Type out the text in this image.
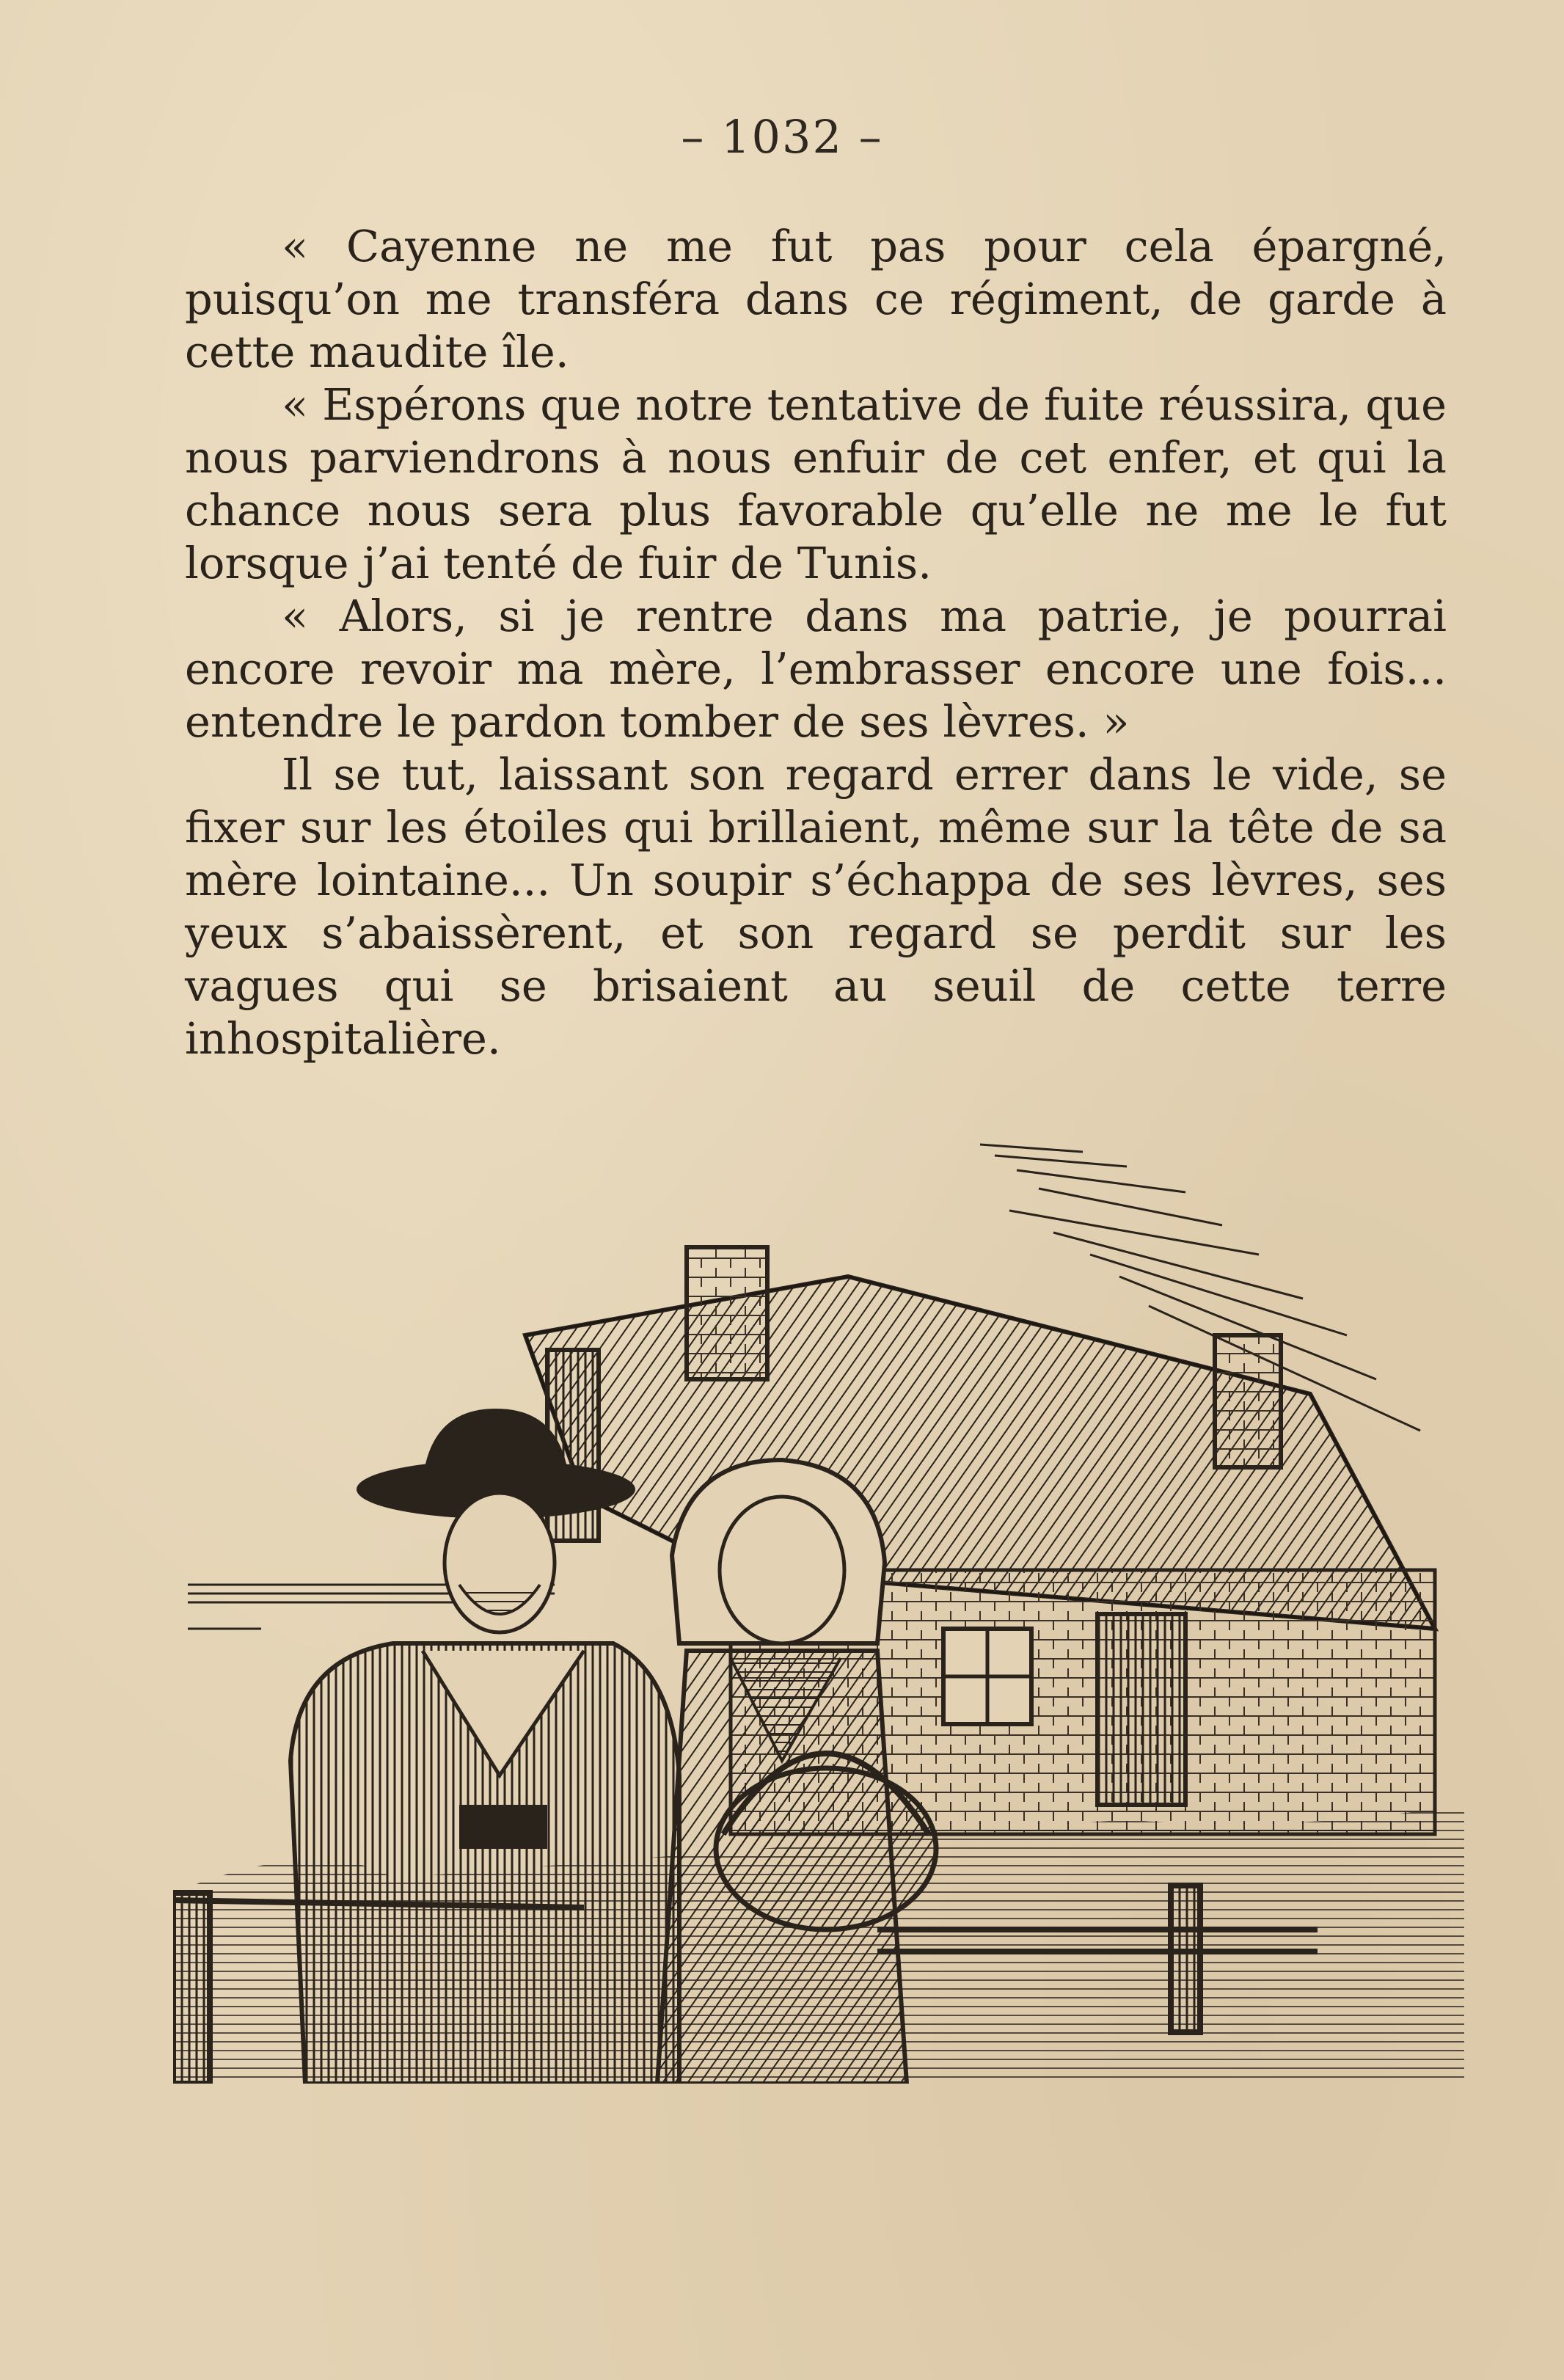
– 1032 –

« Cayenne ne me fut pas pour cela épargné, puisqu’on me transféra dans ce régiment, de garde à cette maudite île.

« Espérons que notre tentative de fuite réussira, que nous parviendrons à nous enfuir de cet enfer, et qui la chance nous sera plus favorable qu’elle ne me le fut lorsque j’ai tenté de fuir de Tunis.

« Alors, si je rentre dans ma patrie, je pourrai encore revoir ma mère, l’embrasser encore une fois... entendre le pardon tomber de ses lèvres. »

Il se tut, laissant son regard errer dans le vide, se fixer sur les étoiles qui brillaient, même sur la tête de sa mère lointaine... Un soupir s’échappa de ses lèvres, ses yeux s’abaissèrent, et son regard se perdit sur les vagues qui se brisaient au seuil de cette terre inhospitalière.
